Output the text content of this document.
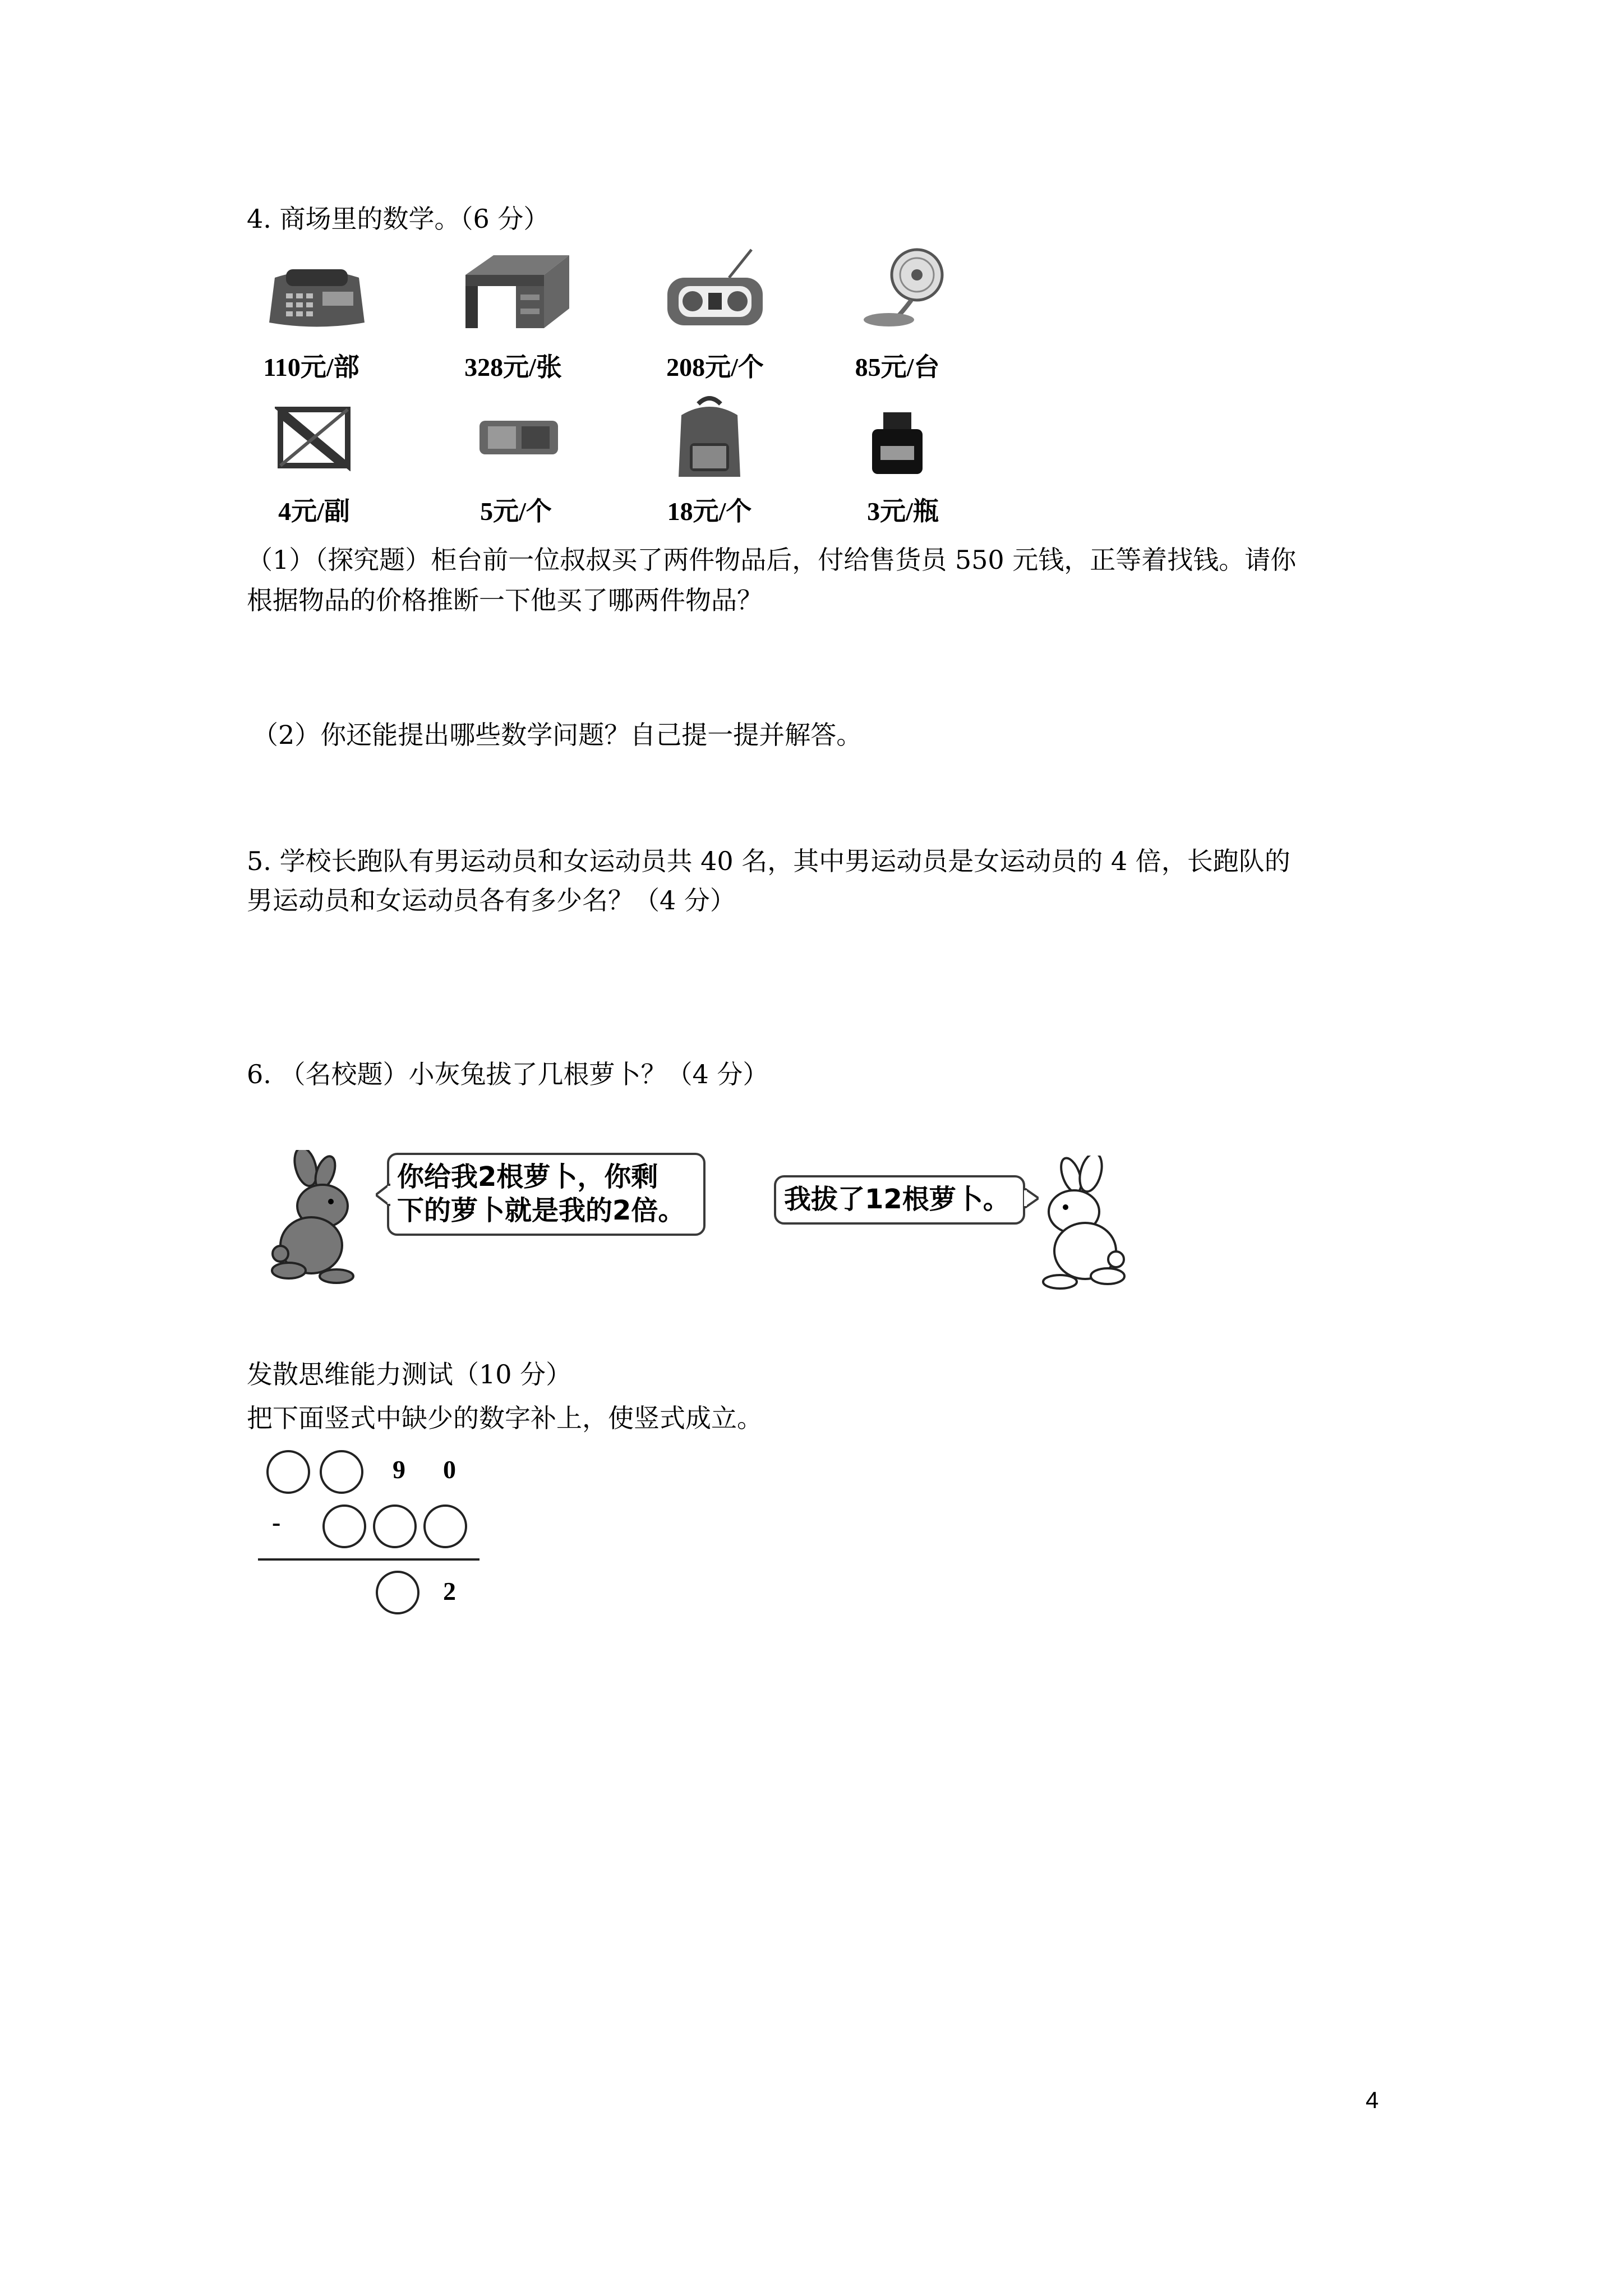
4. 商场里的数学。（6 分）
110元/部	328元/张	208元/个	85元/台
4元/副	5元/个	18元/个	3元/瓶
（1）（探究题）柜台前一位叔叔买了两件物品后，付给售货员 550 元钱，正等着找钱。请你
根据物品的价格推断一下他买了哪两件物品？
（2）你还能提出哪些数学问题？自己提一提并解答。
5. 学校长跑队有男运动员和女运动员共 40 名，其中男运动员是女运动员的 4 倍，长跑队的
男运动员和女运动员各有多少名？（4 分）
6. （名校题）小灰兔拔了几根萝卜？（4 分）
你给我2根萝卜，你剩
下的萝卜就是我的2倍。	我拔了12根萝卜。
发散思维能力测试（10 分）
把下面竖式中缺少的数字补上，使竖式成立。
9 0
-
2
4
